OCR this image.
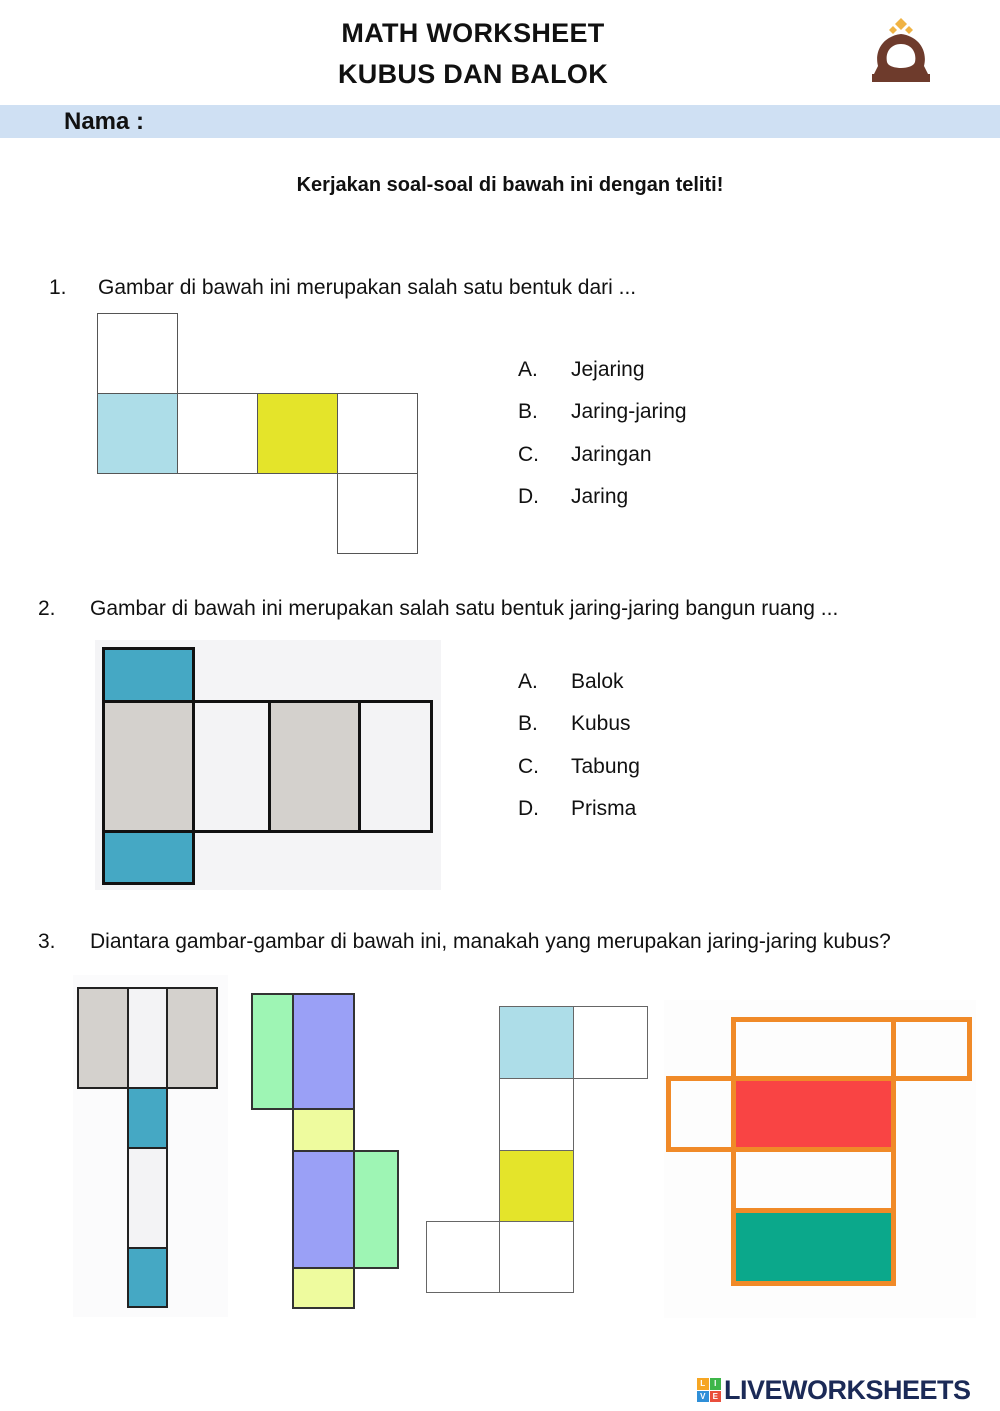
MATH WORKSHEET
KUBUS DAN BALOK
Nama :
Kerjakan soal-soal di bawah ini dengan teliti!
1. Gambar di bawah ini merupakan salah satu bentuk dari ...
A. Jejaring
B. Jaring-jaring
C. Jaringan
D. Jaring
2. Gambar di bawah ini merupakan salah satu bentuk jaring-jaring bangun ruang ...
A. Balok
B. Kubus
C. Tabung
D. Prisma
3. Diantara gambar-gambar di bawah ini, manakah yang merupakan jaring-jaring kubus?
L	I
V E LIVEWORKSHEETS
